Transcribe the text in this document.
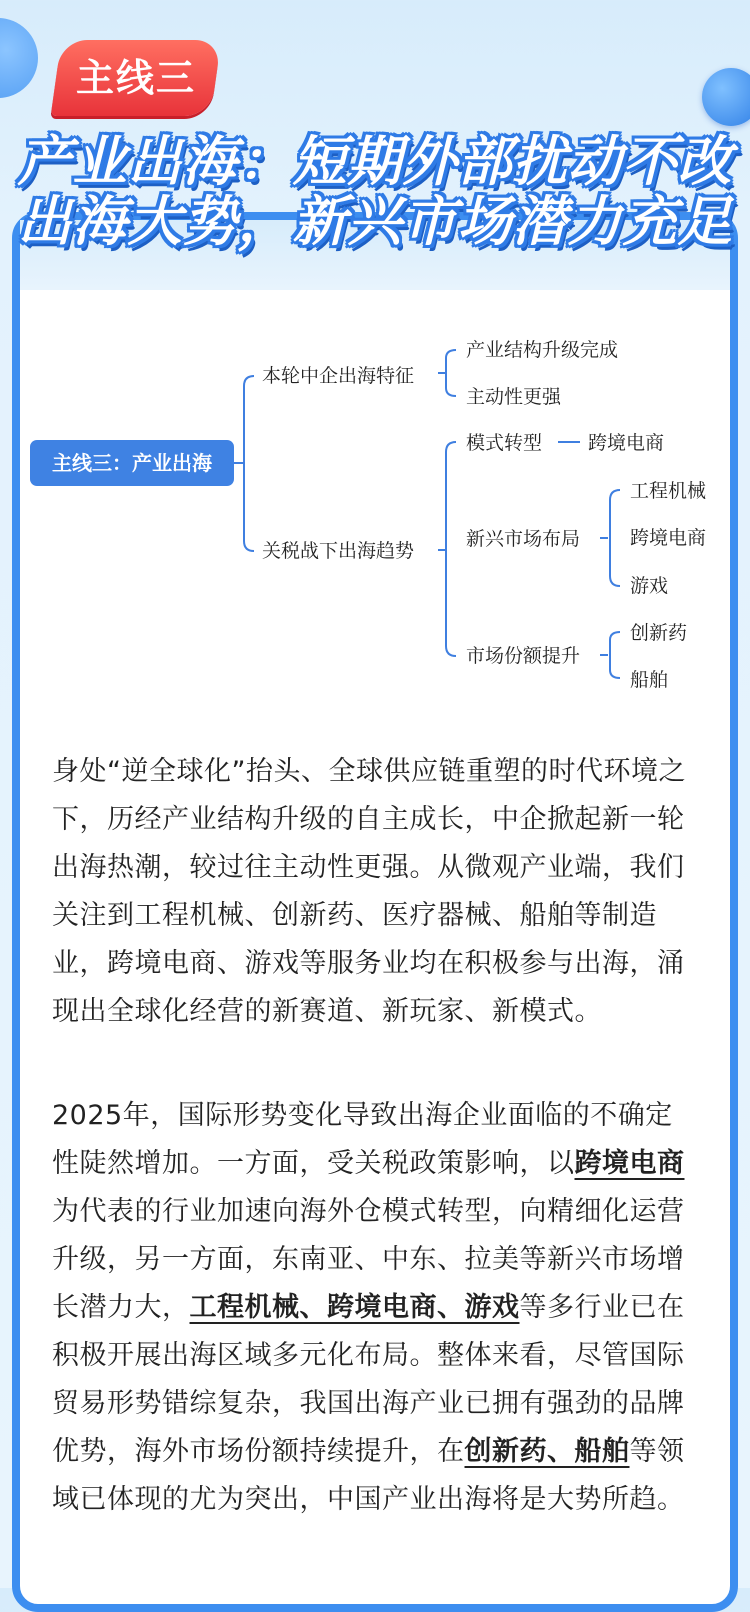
主线三
产业出海：短期外部扰动不改
出海大势，新兴市场潜力充足
主线三：产业出海
本轮中企出海特征
产业结构升级完成
主动性更强
关税战下出海趋势
模式转型 跨境电商
新兴市场布局
工程机械
跨境电商
游戏
市场份额提升
创新药
船舶

身处“逆全球化”抬头、全球供应链重塑的时代环境之下，历经产业结构升级的自主成长，中企掀起新一轮出海热潮，较过往主动性更强。从微观产业端，我们关注到工程机械、创新药、医疗器械、船舶等制造业，跨境电商、游戏等服务业均在积极参与出海，涌现出全球化经营的新赛道、新玩家、新模式。

2025年，国际形势变化导致出海企业面临的不确定性陡然增加。一方面，受关税政策影响，以跨境电商为代表的行业加速向海外仓模式转型，向精细化运营升级，另一方面，东南亚、中东、拉美等新兴市场增长潜力大，工程机械、跨境电商、游戏等多行业已在积极开展出海区域多元化布局。整体来看，尽管国际贸易形势错综复杂，我国出海产业已拥有强劲的品牌优势，海外市场份额持续提升，在创新药、船舶等领域已体现的尤为突出，中国产业出海将是大势所趋。
